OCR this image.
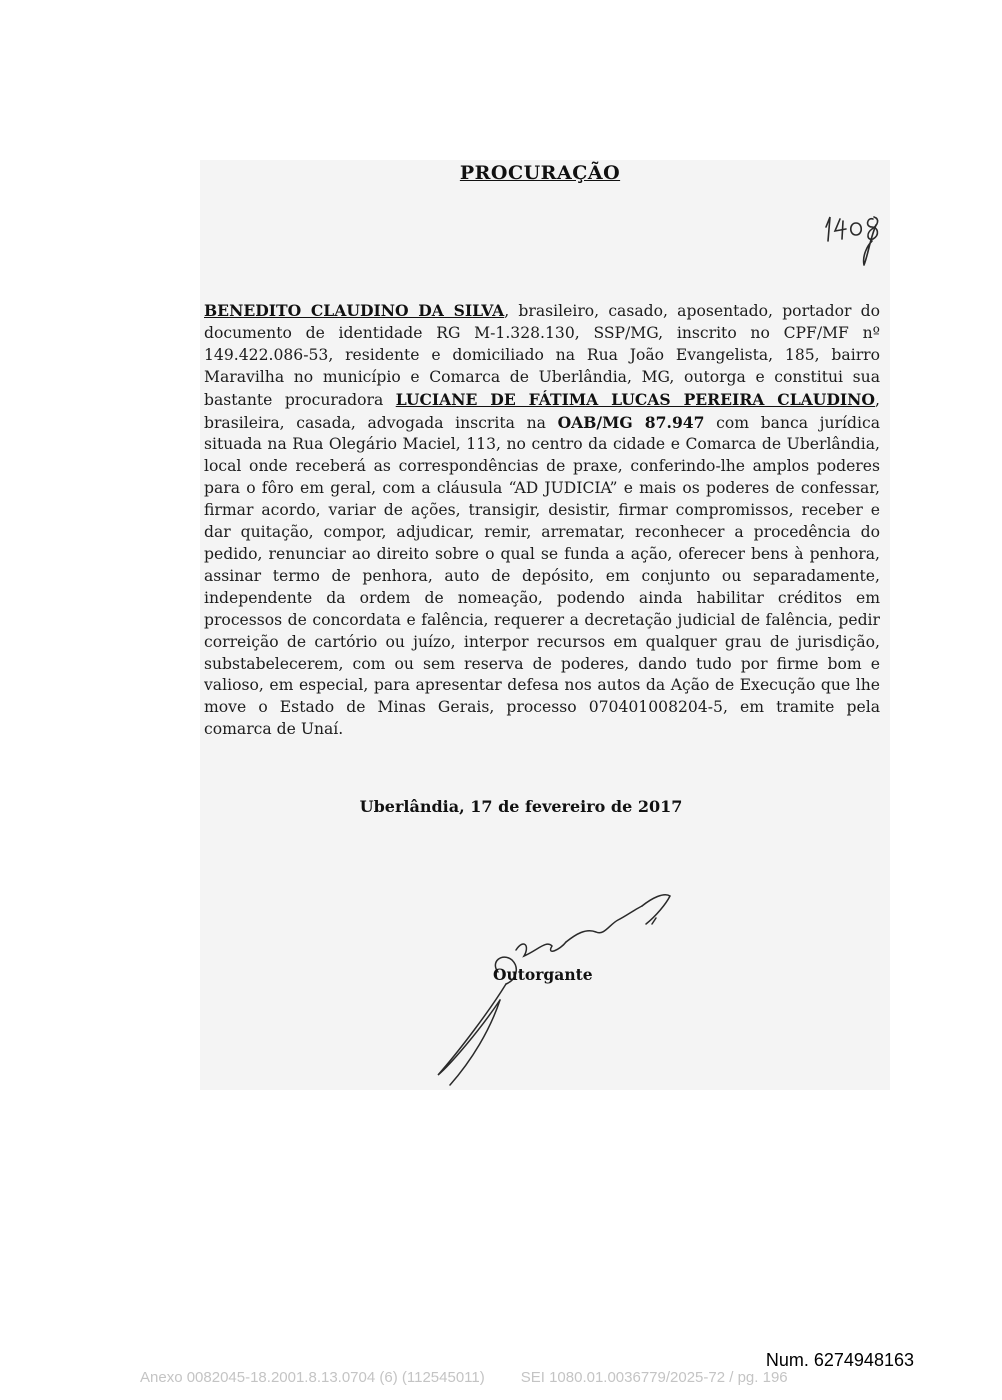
PROCURAÇÃO

BENEDITO CLAUDINO DA SILVA, brasileiro, casado, aposentado, portador do documento de identidade RG M-1.328.130, SSP/MG, inscrito no CPF/MF nº 149.422.086-53, residente e domiciliado na Rua João Evangelista, 185, bairro Maravilha no município e Comarca de Uberlândia, MG, outorga e constitui sua bastante procuradora LUCIANE DE FÁTIMA LUCAS PEREIRA CLAUDINO, brasileira, casada, advogada inscrita na OAB/MG 87.947 com banca jurídica situada na Rua Olegário Maciel, 113, no centro da cidade e Comarca de Uberlândia, local onde receberá as correspondências de praxe, conferindo-lhe amplos poderes para o fôro em geral, com a cláusula “AD JUDICIA” e mais os poderes de confessar, firmar acordo, variar de ações, transigir, desistir, firmar compromissos, receber e dar quitação, compor, adjudicar, remir, arrematar, reconhecer a procedência do pedido, renunciar ao direito sobre o qual se funda a ação, oferecer bens à penhora, assinar termo de penhora, auto de depósito, em conjunto ou separadamente, independente da ordem de nomeação, podendo ainda habilitar créditos em processos de concordata e falência, requerer a decretação judicial de falência, pedir correição de cartório ou juízo, interpor recursos em qualquer grau de jurisdição, substabelecerem, com ou sem reserva de poderes, dando tudo por firme bom e valioso, em especial, para apresentar defesa nos autos da Ação de Execução que lhe move o Estado de Minas Gerais, processo 070401008204-5, em tramite pela comarca de Unaí.

Uberlândia, 17 de fevereiro de 2017
Outorgante
Num. 6274948163
Anexo 0082045-18.2001.8.13.0704 (6) (112545011) SEI 1080.01.0036779/2025-72 / pg. 196
